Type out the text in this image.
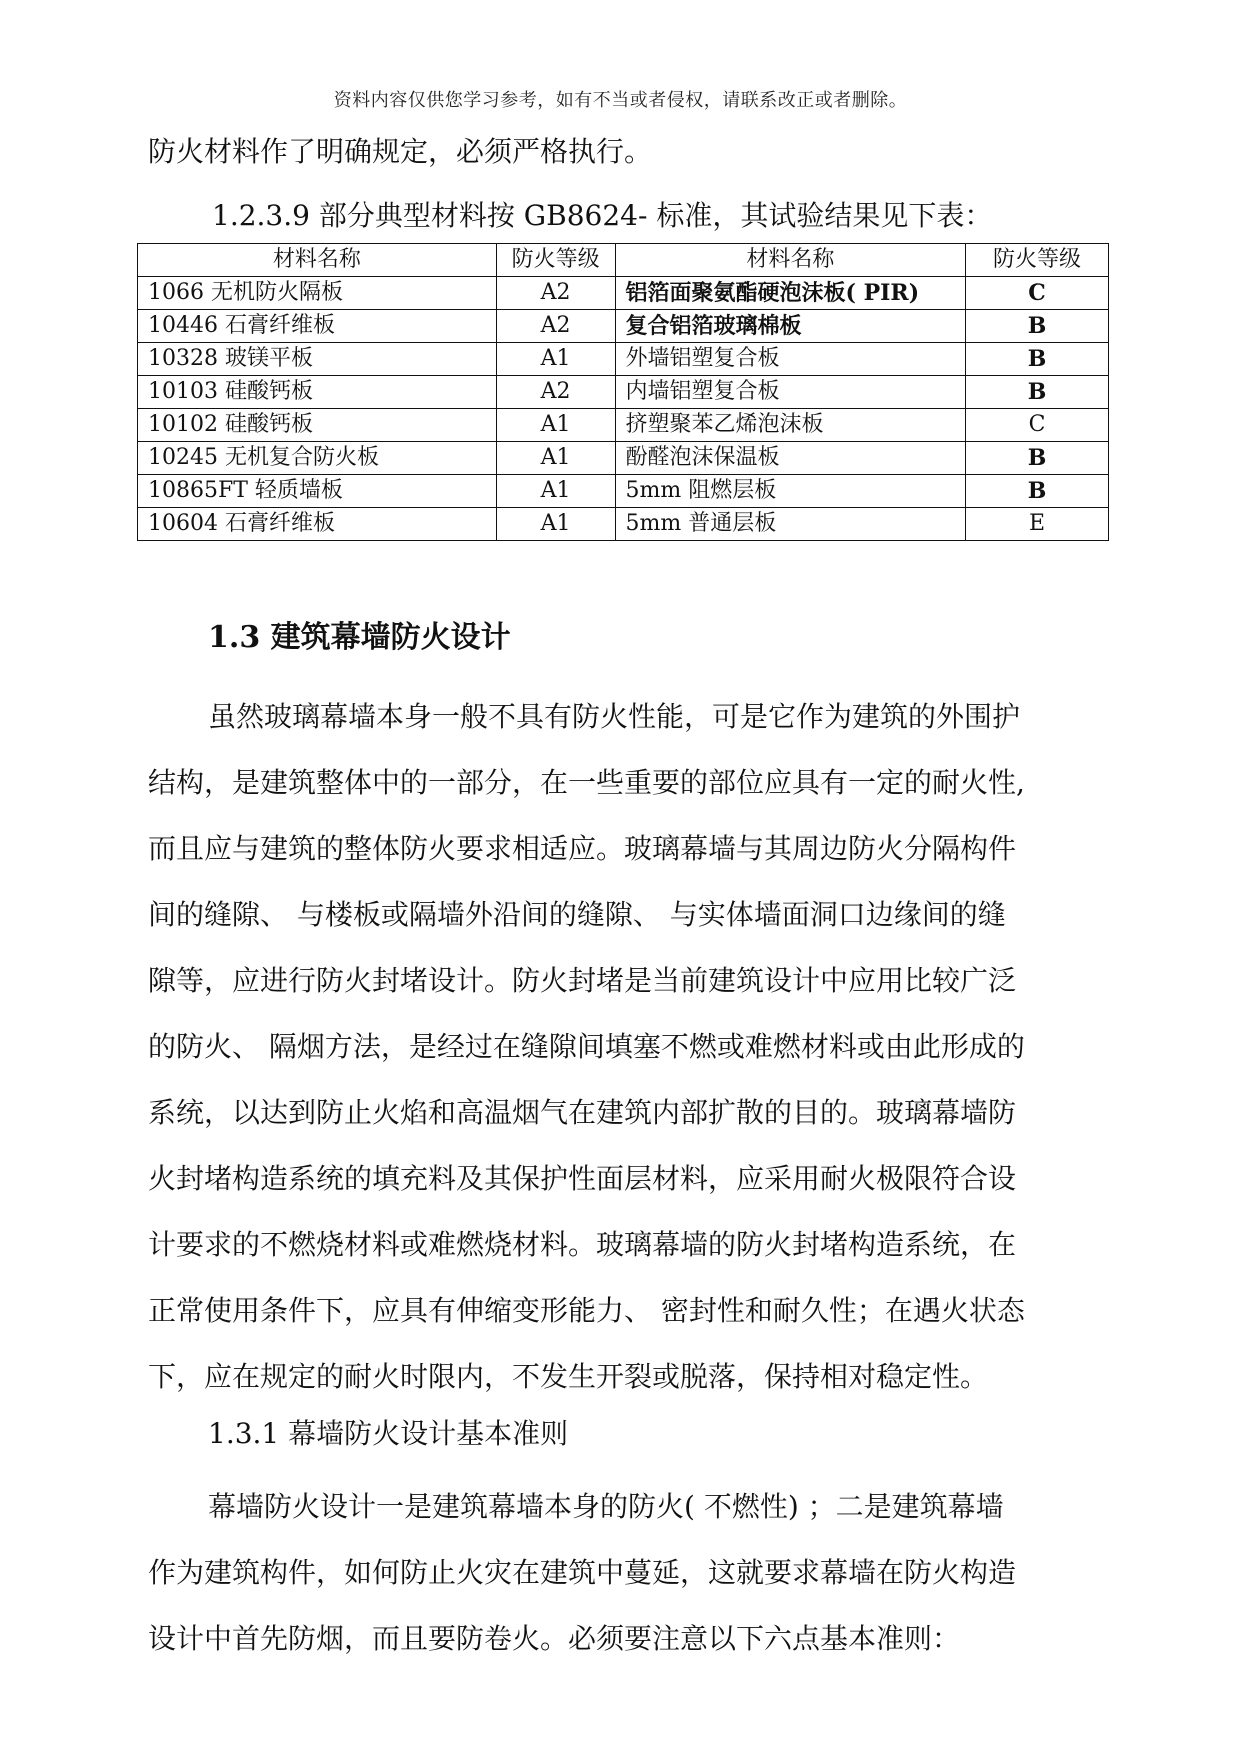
资料内容仅供您学习参考，如有不当或者侵权，请联系改正或者删除。
防火材料作了明确规定，必须严格执行。
1.2.3.9 部分典型材料按 GB8624- 标准，其试验结果见下表：
材料名称	防火等级	材料名称	防火等级
1066 无机防火隔板	A2	铝箔面聚氨酯硬泡沫板( PIR)	C
10446 石膏纤维板	A2	复合铝箔玻璃棉板	B
10328 玻镁平板	A1	外墙铝塑复合板	B
10103 硅酸钙板	A2	内墙铝塑复合板	B
10102 硅酸钙板	A1	挤塑聚苯乙烯泡沫板	C
10245 无机复合防火板	A1	酚醛泡沫保温板	B
10865FT 轻质墙板	A1	5mm 阻燃层板	B
10604 石膏纤维板	A1	5mm 普通层板	E
1.3 建筑幕墙防火设计

虽然玻璃幕墙本身一般不具有防火性能，可是它作为建筑的外围护

结构，是建筑整体中的一部分，在一些重要的部位应具有一定的耐火性,

而且应与建筑的整体防火要求相适应。玻璃幕墙与其周边防火分隔构件

间的缝隙、 与楼板或隔墙外沿间的缝隙、 与实体墙面洞口边缘间的缝

隙等，应进行防火封堵设计。防火封堵是当前建筑设计中应用比较广泛

的防火、 隔烟方法，是经过在缝隙间填塞不燃或难燃材料或由此形成的

系统，以达到防止火焰和高温烟气在建筑内部扩散的目的。玻璃幕墙防

火封堵构造系统的填充料及其保护性面层材料，应采用耐火极限符合设

计要求的不燃烧材料或难燃烧材料。玻璃幕墙的防火封堵构造系统，在

正常使用条件下，应具有伸缩变形能力、 密封性和耐久性；在遇火状态

下，应在规定的耐火时限内，不发生开裂或脱落，保持相对稳定性。

1.3.1 幕墙防火设计基本准则

幕墙防火设计一是建筑幕墙本身的防火( 不燃性) ；二是建筑幕墙

作为建筑构件，如何防止火灾在建筑中蔓延，这就要求幕墙在防火构造

设计中首先防烟，而且要防卷火。必须要注意以下六点基本准则：
